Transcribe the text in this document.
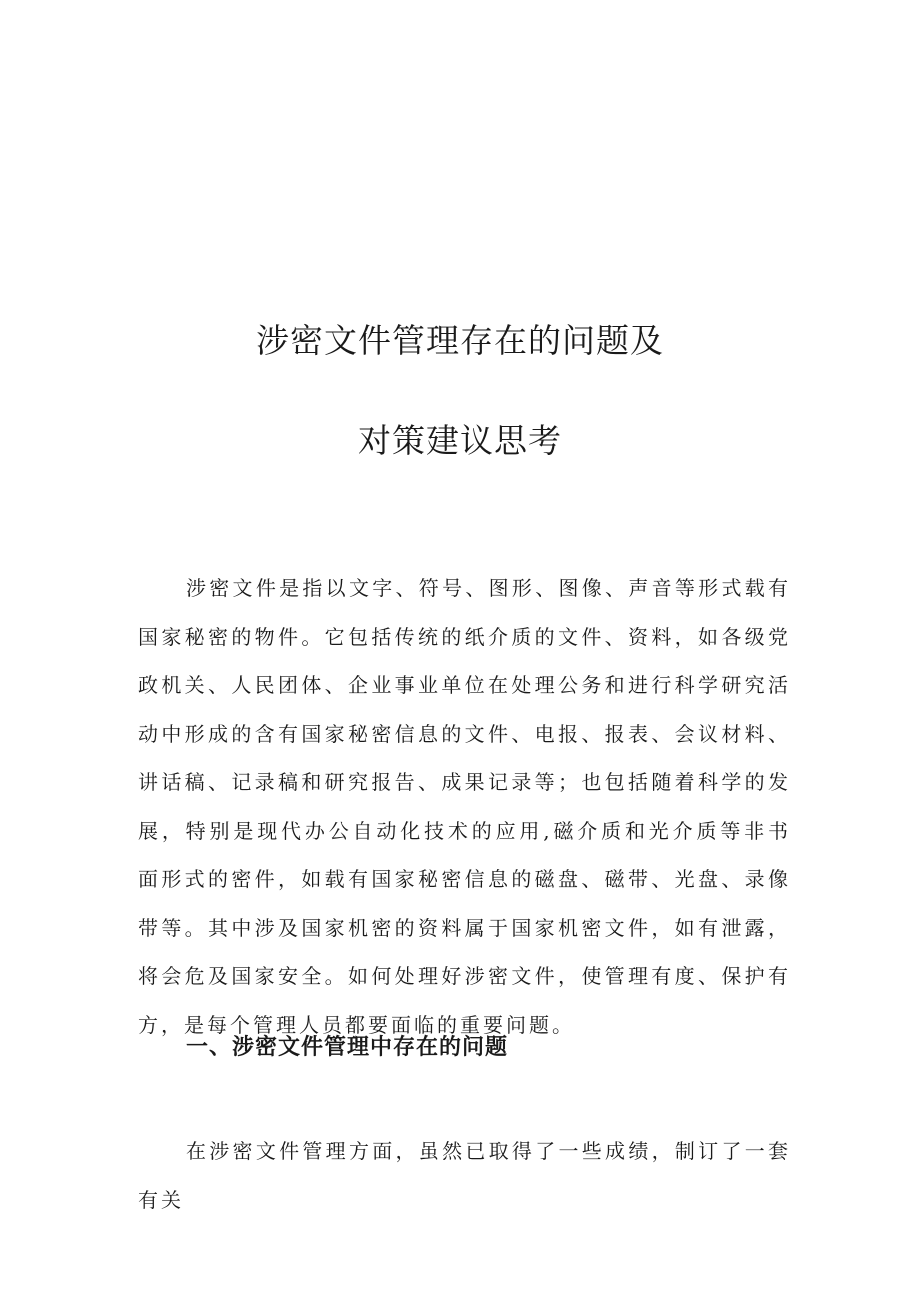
涉密文件管理存在的问题及
对策建议思考

涉密文件是指以文字、符号、图形、图像、声音等形式载有国家秘密的物件。它包括传统的纸介质的文件、资料，如各级党政机关、人民团体、企业事业单位在处理公务和进行科学研究活动中形成的含有国家秘密信息的文件、电报、报表、会议材料、讲话稿、记录稿和研究报告、成果记录等；也包括随着科学的发展，特别是现代办公自动化技术的应用,磁介质和光介质等非书面形式的密件，如载有国家秘密信息的磁盘、磁带、光盘、录像带等。其中涉及国家机密的资料属于国家机密文件，如有泄露，将会危及国家安全。如何处理好涉密文件，使管理有度、保护有方，是每个管理人员都要面临的重要问题。

一、涉密文件管理中存在的问题

在涉密文件管理方面，虽然已取得了一些成绩，制订了一套有关
